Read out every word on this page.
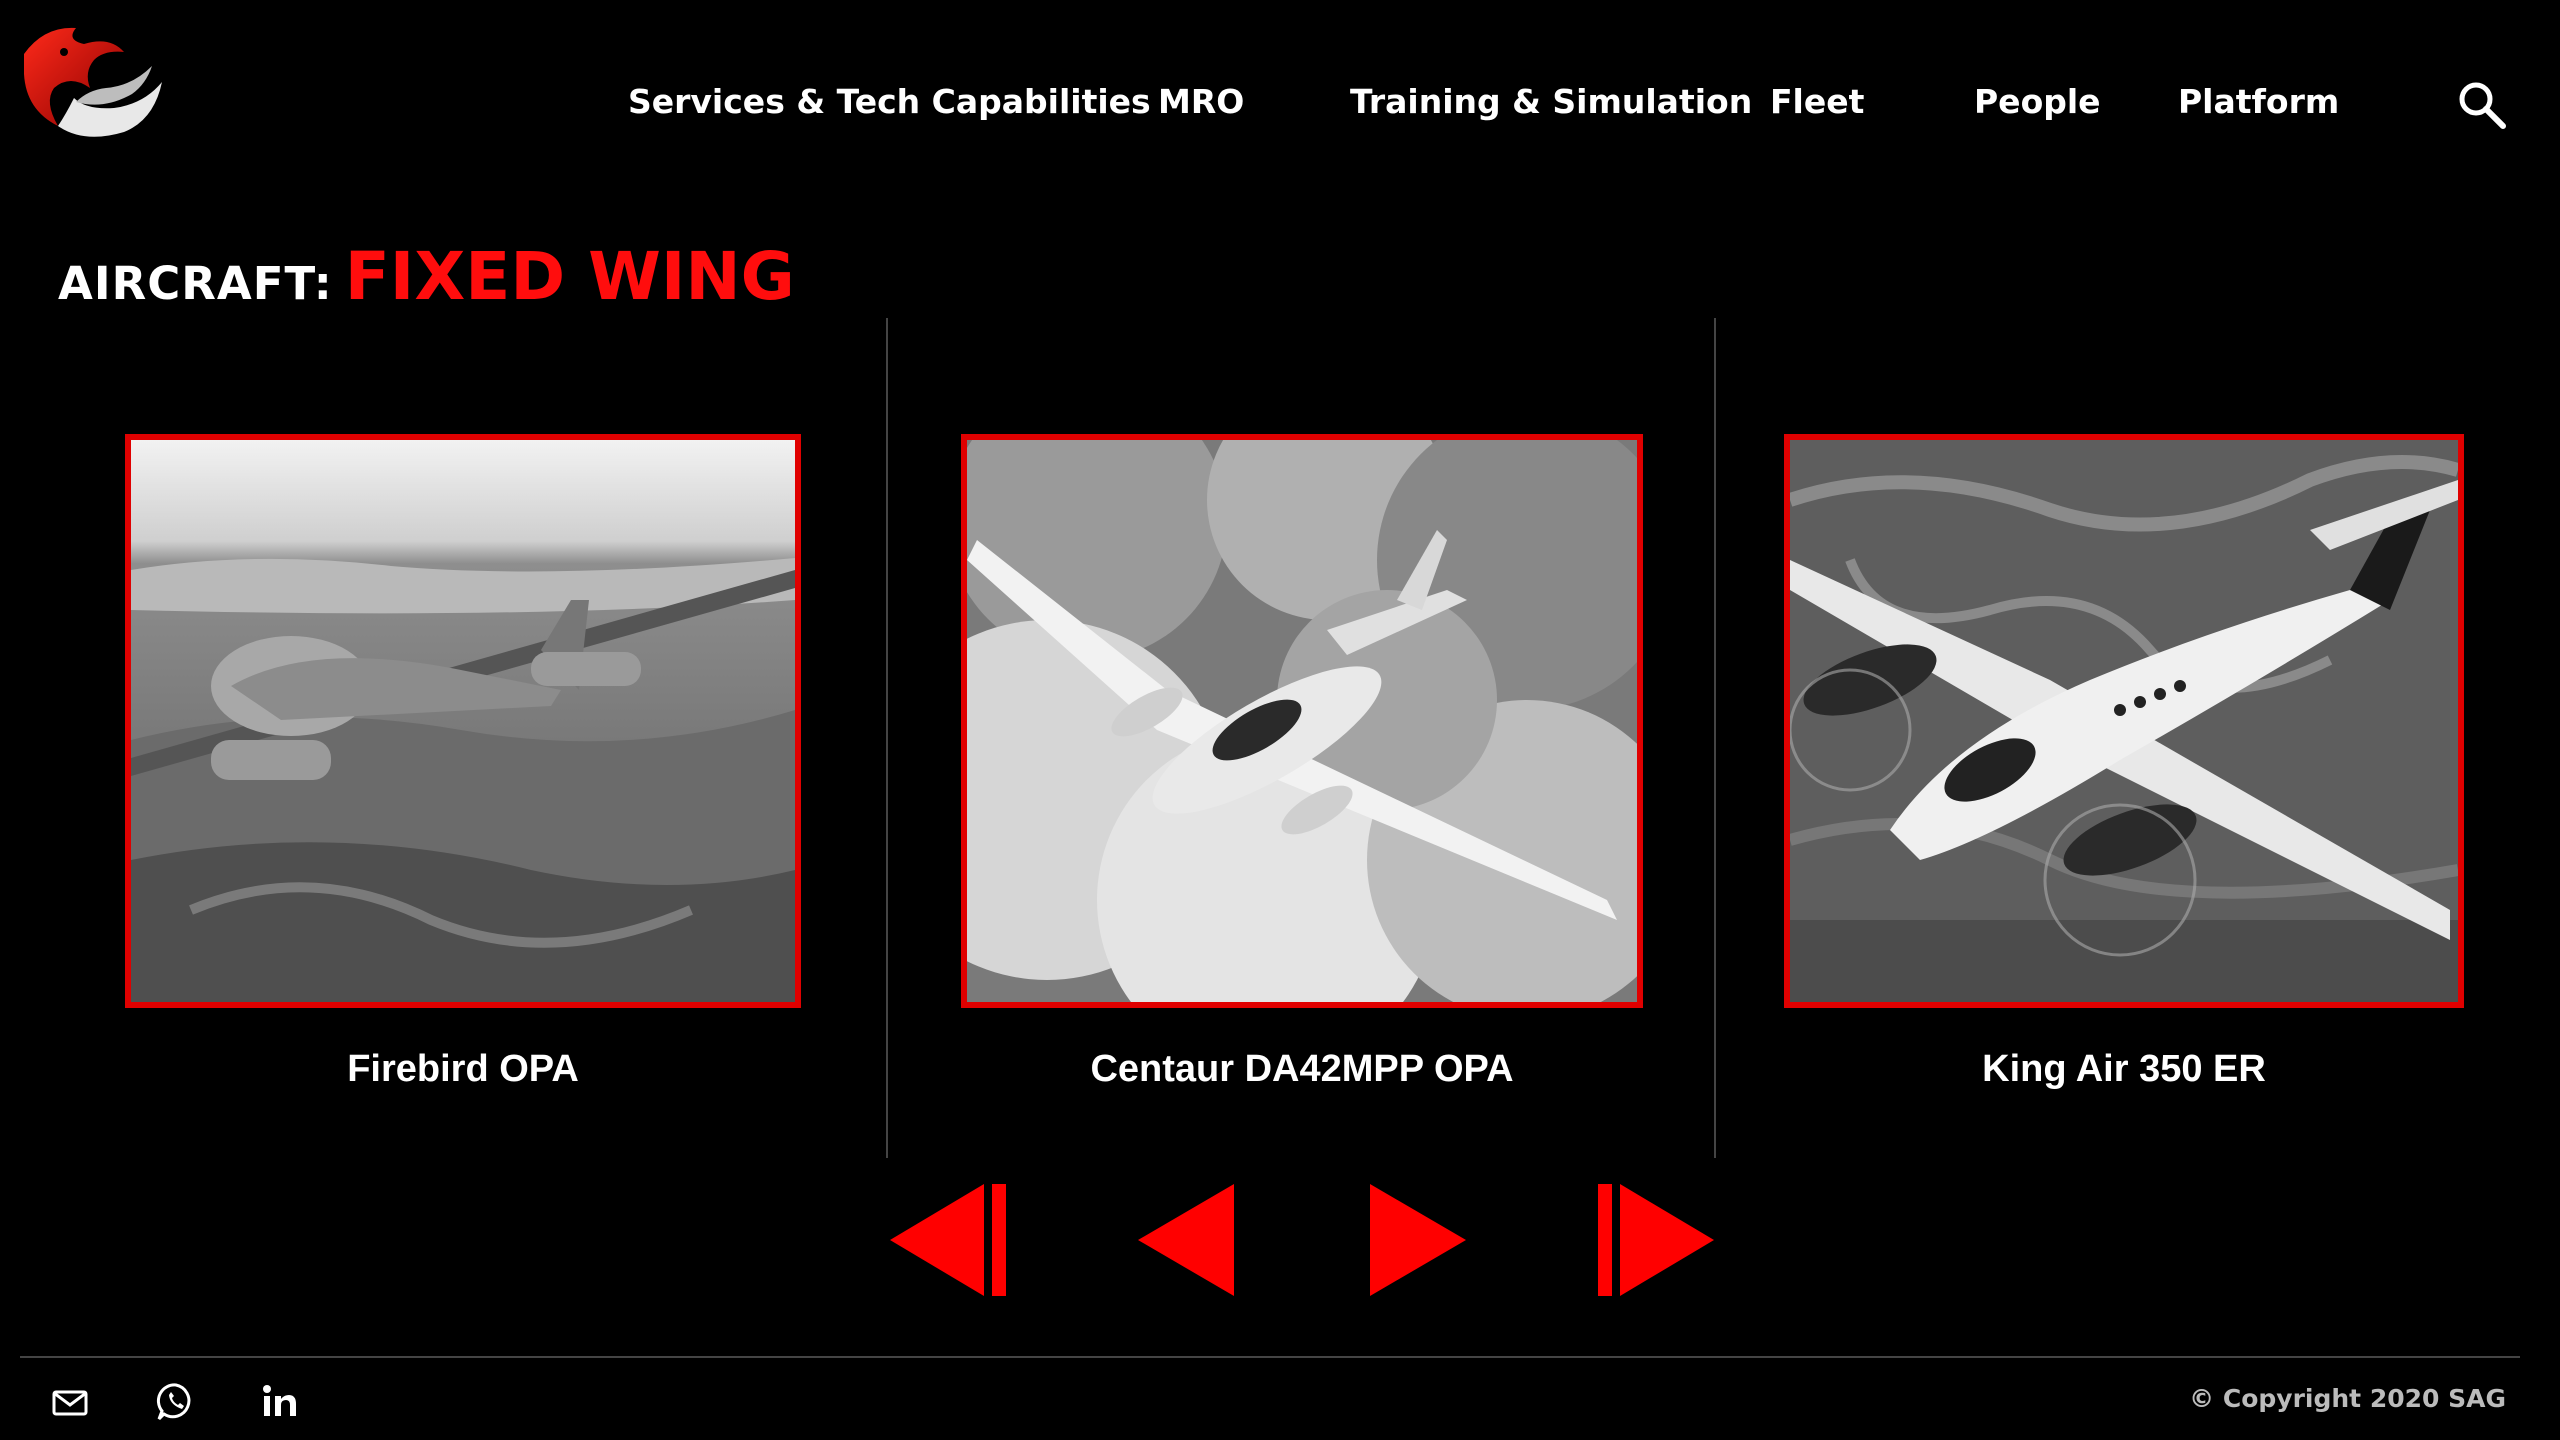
Services & Tech Capabilities MRO	Training & Simulation Fleet	People Platform
AIRCRAFT: FIXED WING
Firebird OPA	Centaur DA42MPP OPA	King Air 350 ER
© Copyright 2020 SAG
